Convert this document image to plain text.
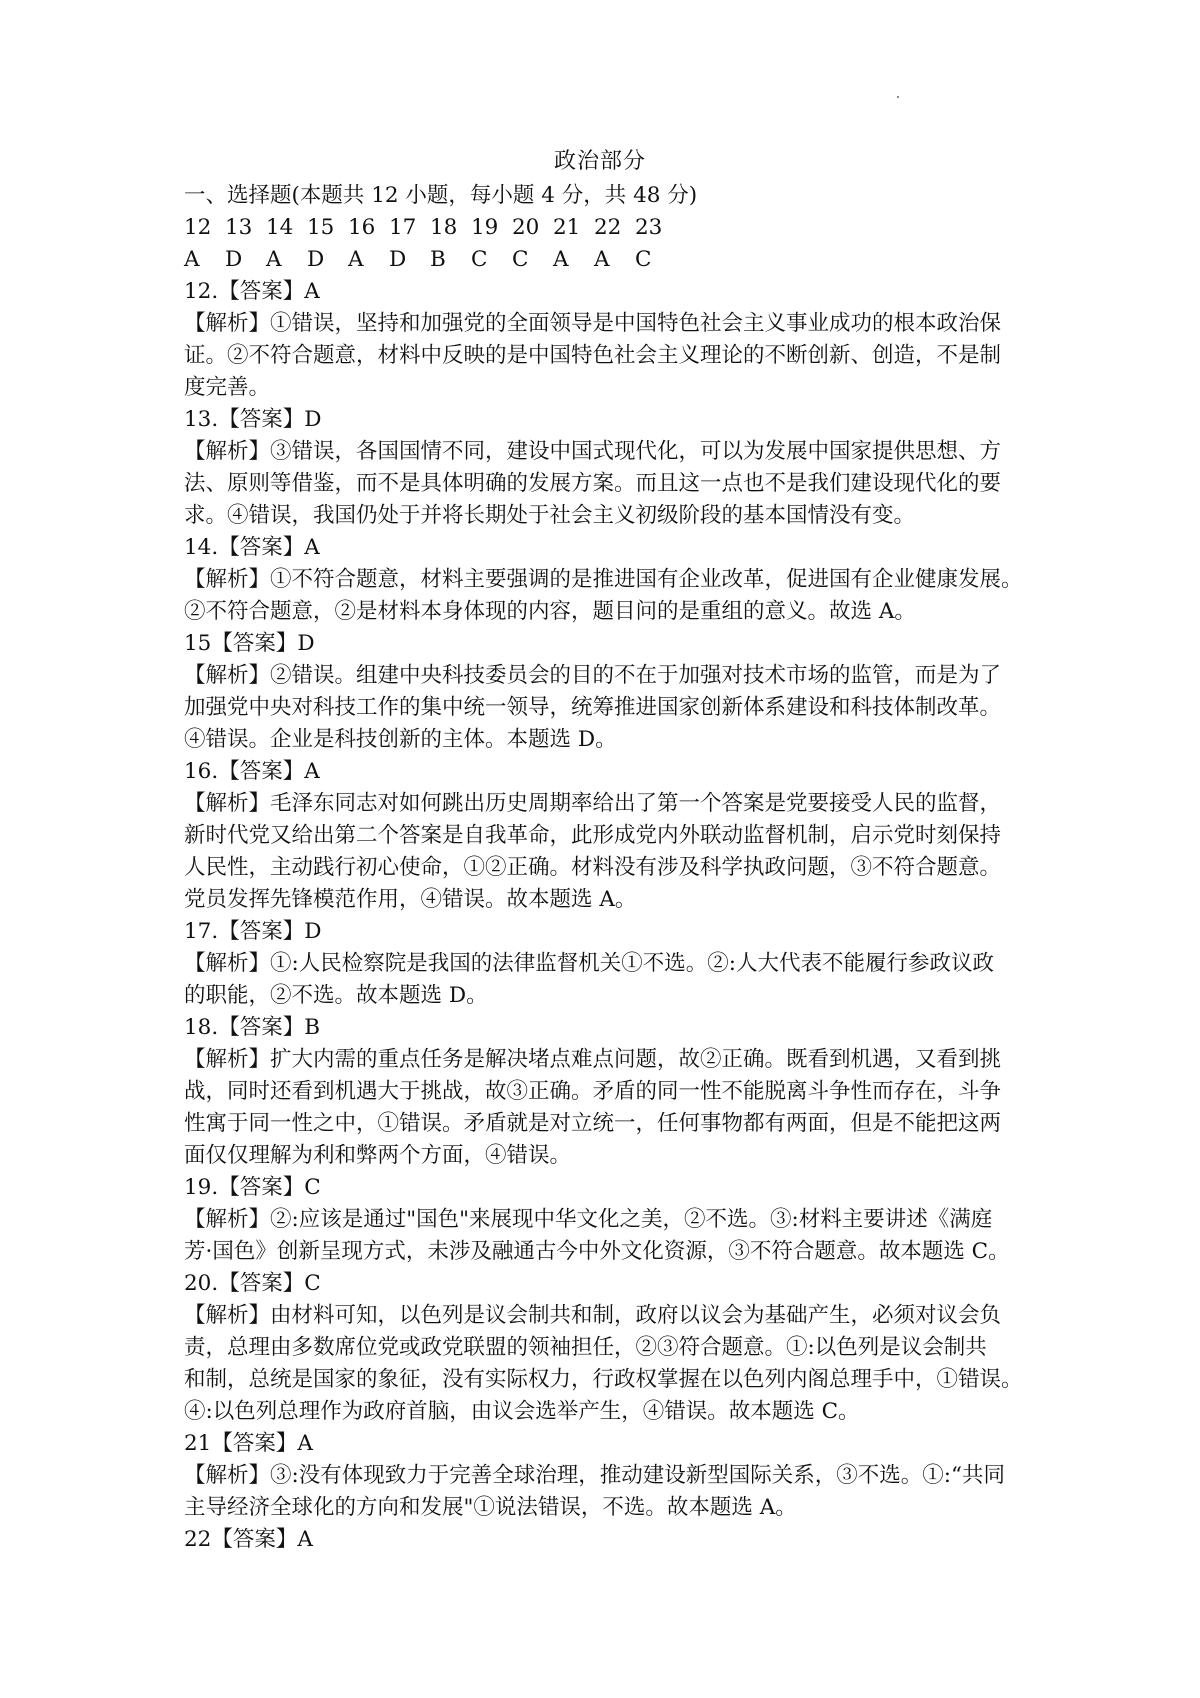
政治部分
一、选择题(本题共 12 小题，每小题 4 分，共 48 分)
12 13 14 15 16 17 18 19 20 21 22 23
A	D	A	D	A	D	B	C	C	A	A	C
12.【答案】A
【解析】①错误，坚持和加强党的全面领导是中国特色社会主义事业成功的根本政治保
证。②不符合题意，材料中反映的是中国特色社会主义理论的不断创新、创造，不是制
度完善。
13.【答案】D
【解析】③错误，各国国情不同，建设中国式现代化，可以为发展中国家提供思想、方
法、原则等借鉴，而不是具体明确的发展方案。而且这一点也不是我们建设现代化的要
求。④错误，我国仍处于并将长期处于社会主义初级阶段的基本国情没有变。
14.【答案】A
【解析】①不符合题意，材料主要强调的是推进国有企业改革，促进国有企业健康发展。
②不符合题意，②是材料本身体现的内容，题目问的是重组的意义。故选 A。
15【答案】D
【解析】②错误。组建中央科技委员会的目的不在于加强对技术市场的监管，而是为了
加强党中央对科技工作的集中统一领导，统筹推进国家创新体系建设和科技体制改革。
④错误。企业是科技创新的主体。本题选 D。
16.【答案】A
【解析】毛泽东同志对如何跳出历史周期率给出了第一个答案是党要接受人民的监督，
新时代党又给出第二个答案是自我革命，此形成党内外联动监督机制，启示党时刻保持
人民性，主动践行初心使命，①②正确。材料没有涉及科学执政问题，③不符合题意。
党员发挥先锋模范作用，④错误。故本题选 A。
17.【答案】D
【解析】①:人民检察院是我国的法律监督机关①不选。②:人大代表不能履行参政议政
的职能，②不选。故本题选 D。
18.【答案】B
【解析】扩大内需的重点任务是解决堵点难点问题，故②正确。既看到机遇，又看到挑
战，同时还看到机遇大于挑战，故③正确。矛盾的同一性不能脱离斗争性而存在，斗争
性寓于同一性之中，①错误。矛盾就是对立统一，任何事物都有两面，但是不能把这两
面仅仅理解为利和弊两个方面，④错误。
19.【答案】C
【解析】②:应该是通过"国色"来展现中华文化之美，②不选。③:材料主要讲述《满庭
芳·国色》创新呈现方式，未涉及融通古今中外文化资源，③不符合题意。故本题选 C。
20.【答案】C
【解析】由材料可知，以色列是议会制共和制，政府以议会为基础产生，必须对议会负
责，总理由多数席位党或政党联盟的领袖担任，②③符合题意。①:以色列是议会制共
和制，总统是国家的象征，没有实际权力，行政权掌握在以色列内阁总理手中，①错误。
④:以色列总理作为政府首脑，由议会选举产生，④错误。故本题选 C。
21【答案】A
【解析】③:没有体现致力于完善全球治理，推动建设新型国际关系，③不选。①:“共同
主导经济全球化的方向和发展"①说法错误，不选。故本题选 A。
22【答案】A
